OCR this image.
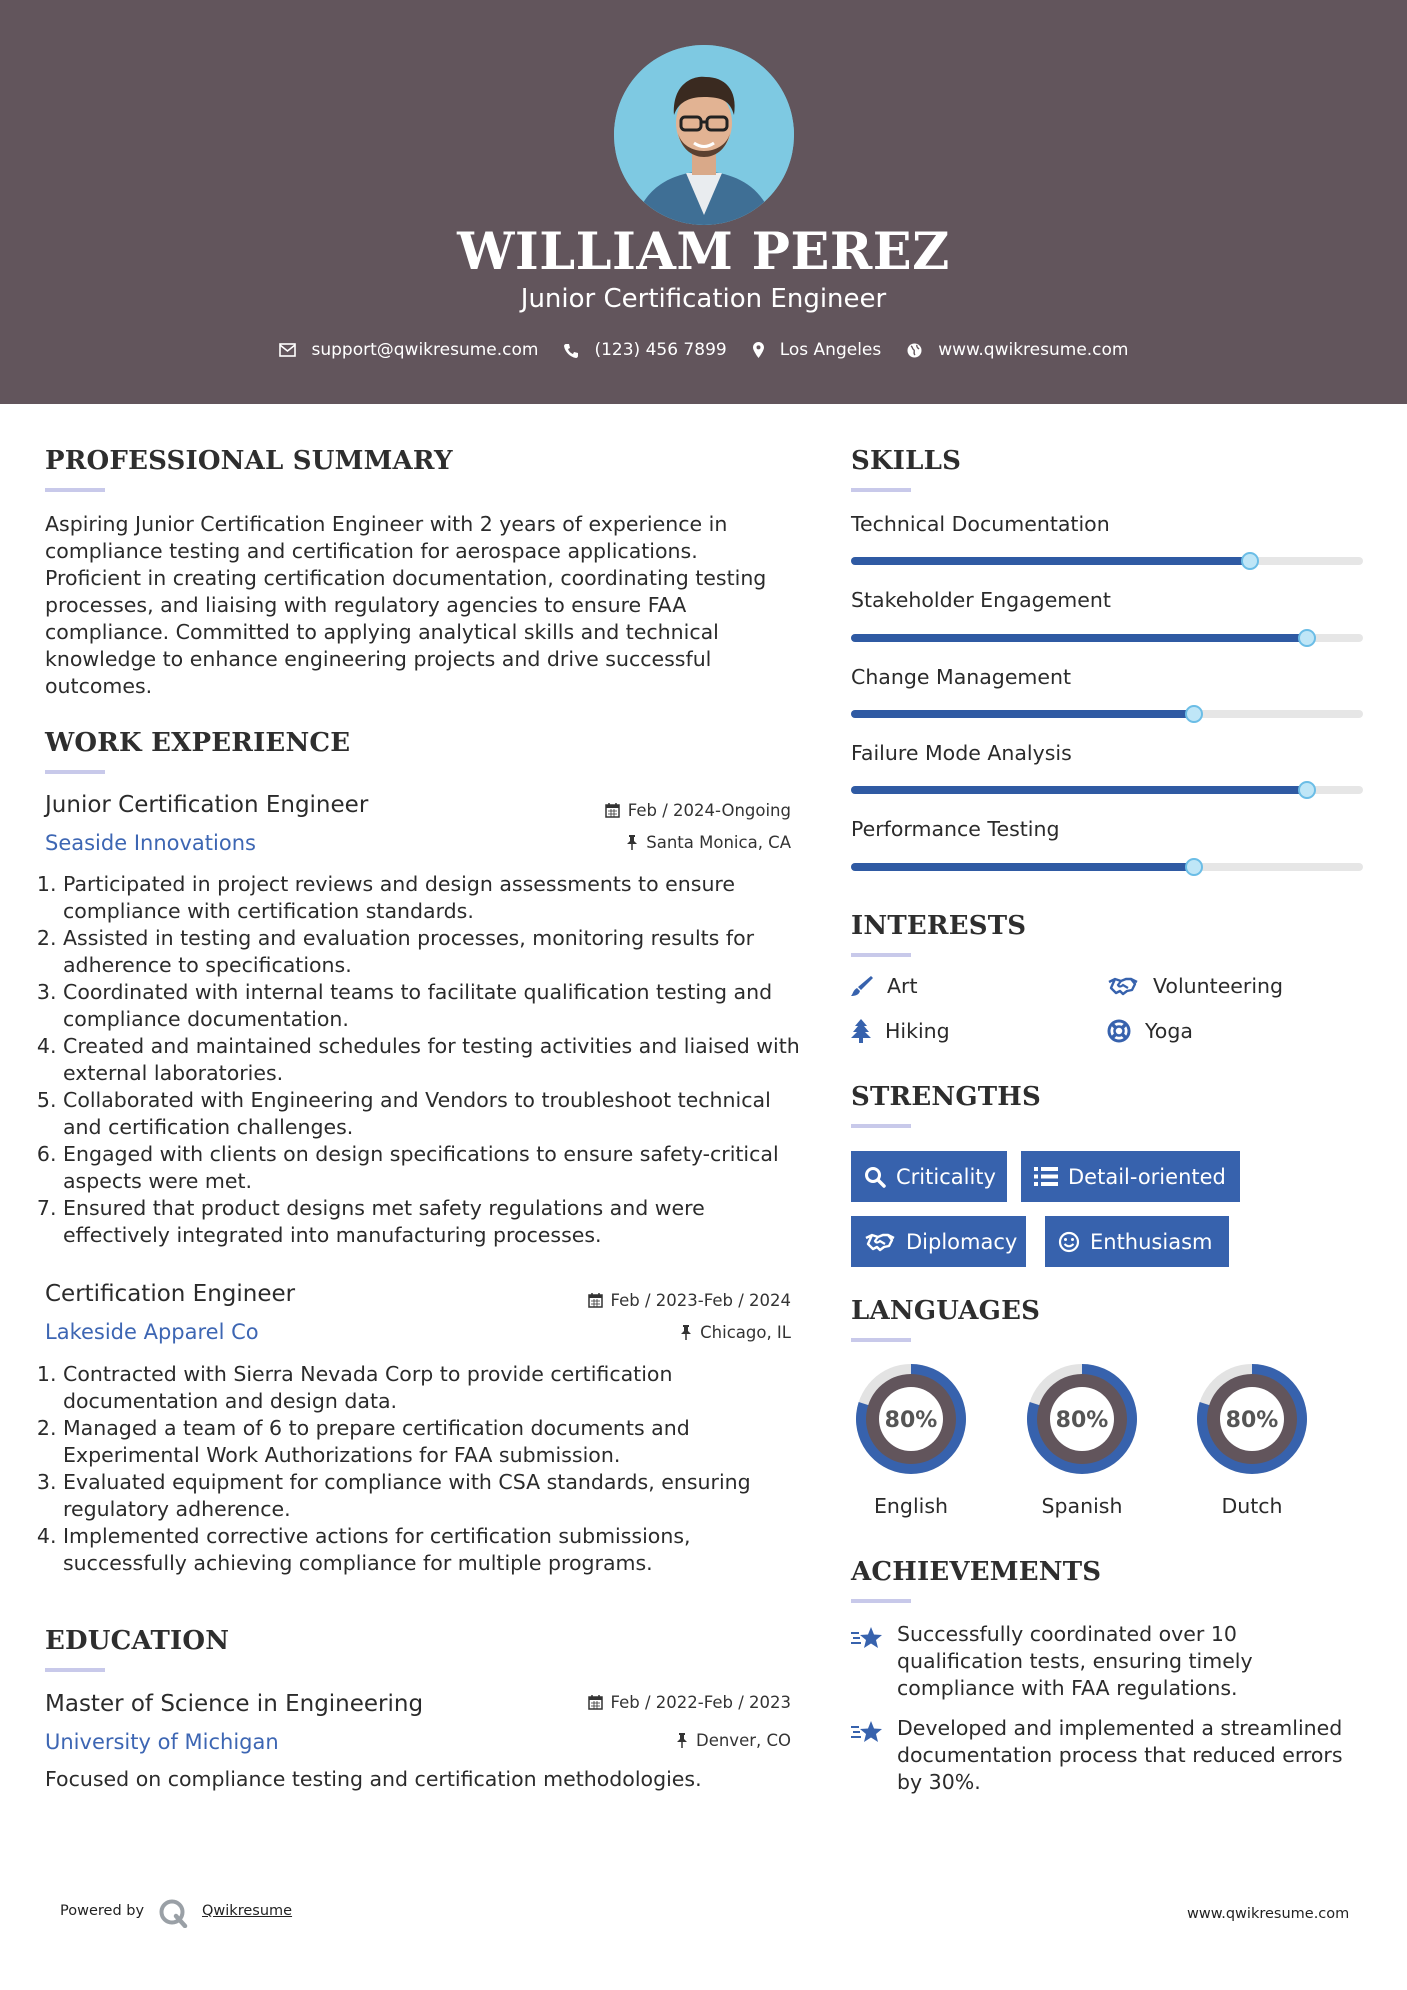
WILLIAM PEREZ
Junior Certification Engineer
support@qwikresume.com	(123) 456 7899	Los Angeles	www.qwikresume.com
PROFESSIONAL SUMMARY
Aspiring Junior Certification Engineer with 2 years of experience in compliance testing and certification for aerospace applications. Proficient in creating certification documentation, coordinating testing processes, and liaising with regulatory agencies to ensure FAA compliance. Committed to applying analytical skills and technical knowledge to enhance engineering projects and drive successful outcomes.
WORK EXPERIENCE
Junior Certification Engineer	Feb / 2024-Ongoing
Seaside Innovations	Santa Monica, CA
1. Participated in project reviews and design assessments to ensure compliance with certification standards.
2. Assisted in testing and evaluation processes, monitoring results for adherence to specifications.
3. Coordinated with internal teams to facilitate qualification testing and compliance documentation.
4. Created and maintained schedules for testing activities and liaised with external laboratories.
5. Collaborated with Engineering and Vendors to troubleshoot technical and certification challenges.
6. Engaged with clients on design specifications to ensure safety-critical aspects were met.
7. Ensured that product designs met safety regulations and were effectively integrated into manufacturing processes.
Certification Engineer	Feb / 2023-Feb / 2024
Lakeside Apparel Co	Chicago, IL
1. Contracted with Sierra Nevada Corp to provide certification documentation and design data.
2. Managed a team of 6 to prepare certification documents and Experimental Work Authorizations for FAA submission.
3. Evaluated equipment for compliance with CSA standards, ensuring regulatory adherence.
4. Implemented corrective actions for certification submissions, successfully achieving compliance for multiple programs.
EDUCATION
Master of Science in Engineering	Feb / 2022-Feb / 2023
University of Michigan	Denver, CO
Focused on compliance testing and certification methodologies.
SKILLS
Technical Documentation
Stakeholder Engagement
Change Management
Failure Mode Analysis
Performance Testing
INTERESTS
Art	Volunteering
Hiking	Yoga
STRENGTHS
Criticality	Detail-oriented
Diplomacy	Enthusiasm
LANGUAGES
80%
English
80%
Spanish
80%
Dutch
ACHIEVEMENTS
Successfully coordinated over 10 qualification tests, ensuring timely compliance with FAA regulations.
Developed and implemented a streamlined documentation process that reduced errors by 30%.
Powered by	Qwikresume	www.qwikresume.com
